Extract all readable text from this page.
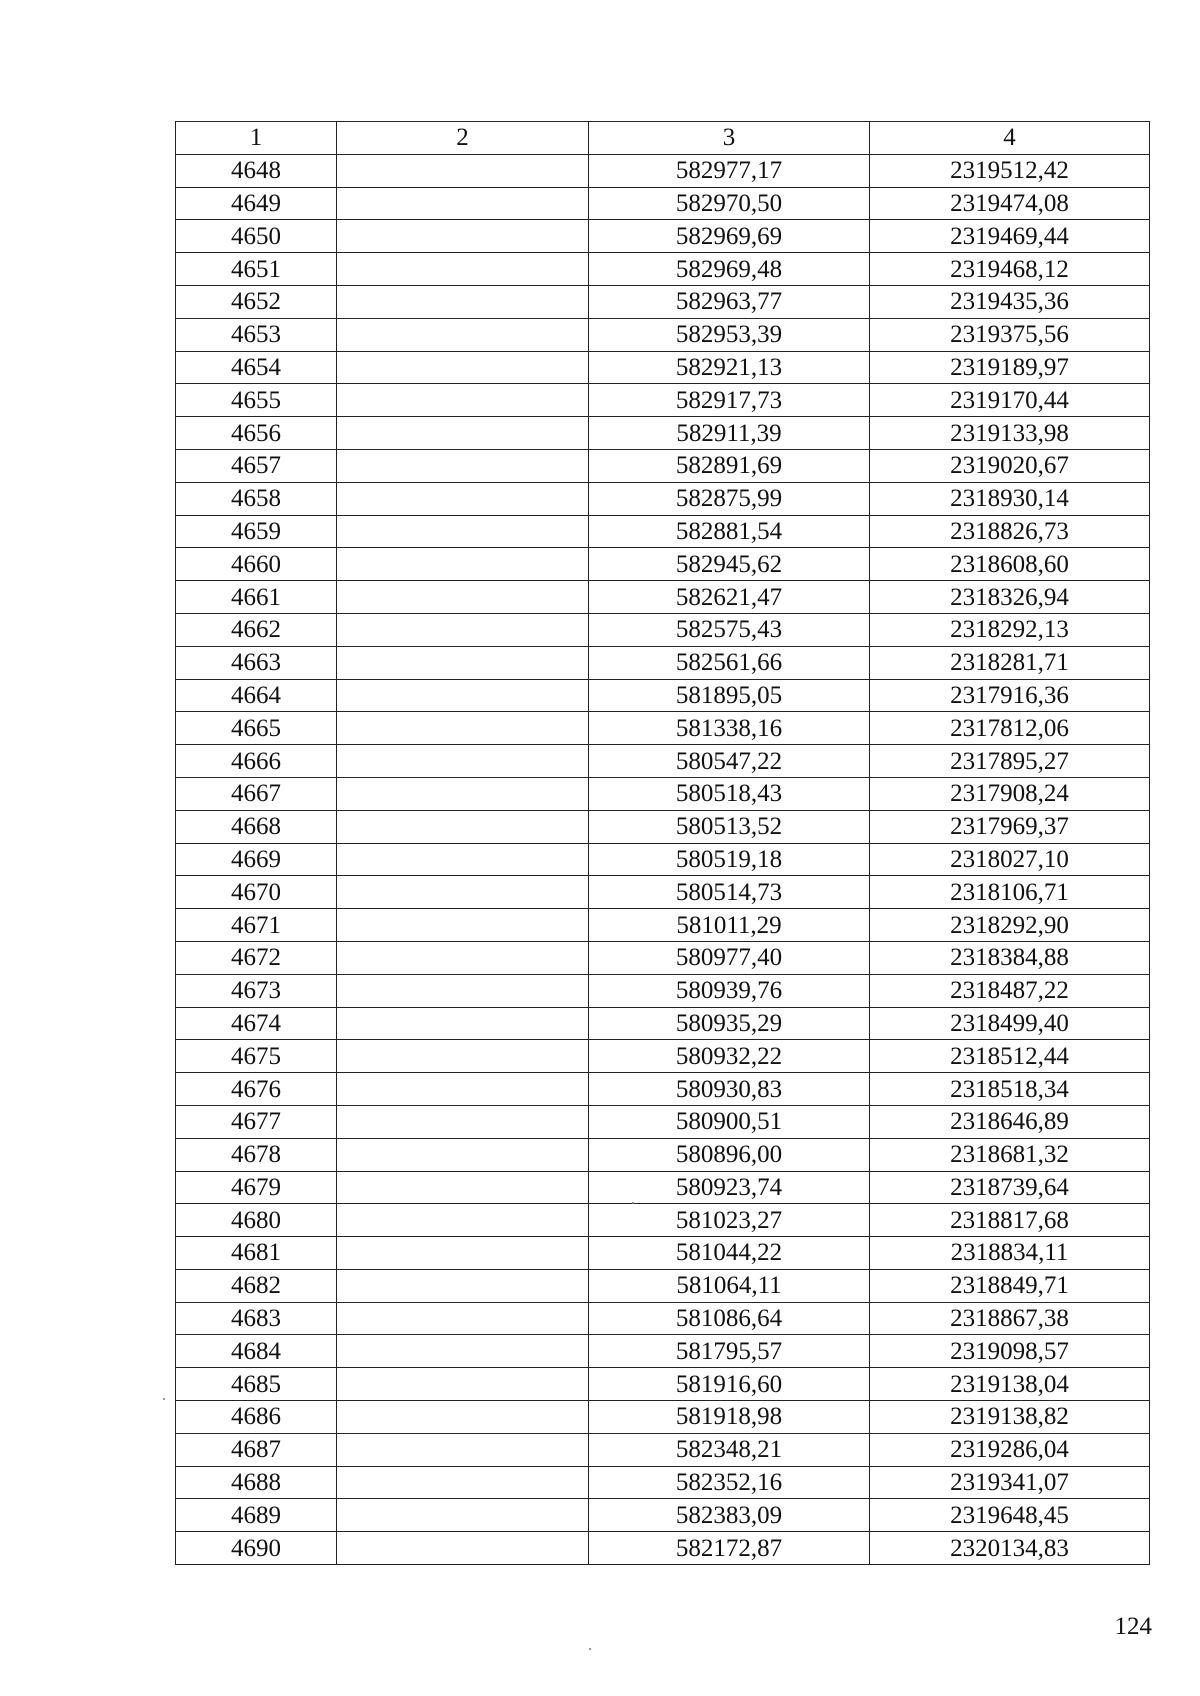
1	2	3	4
4648		582977,17	2319512,42
4649		582970,50	2319474,08
4650		582969,69	2319469,44
4651		582969,48	2319468,12
4652		582963,77	2319435,36
4653		582953,39	2319375,56
4654		582921,13	2319189,97
4655		582917,73	2319170,44
4656		582911,39	2319133,98
4657		582891,69	2319020,67
4658		582875,99	2318930,14
4659		582881,54	2318826,73
4660		582945,62	2318608,60
4661		582621,47	2318326,94
4662		582575,43	2318292,13
4663		582561,66	2318281,71
4664		581895,05	2317916,36
4665		581338,16	2317812,06
4666		580547,22	2317895,27
4667		580518,43	2317908,24
4668		580513,52	2317969,37
4669		580519,18	2318027,10
4670		580514,73	2318106,71
4671		581011,29	2318292,90
4672		580977,40	2318384,88
4673		580939,76	2318487,22
4674		580935,29	2318499,40
4675		580932,22	2318512,44
4676		580930,83	2318518,34
4677		580900,51	2318646,89
4678		580896,00	2318681,32
4679		580923,74	2318739,64
4680		581023,27	2318817,68
4681		581044,22	2318834,11
4682		581064,11	2318849,71
4683		581086,64	2318867,38
4684		581795,57	2319098,57
4685		581916,60	2319138,04
4686		581918,98	2319138,82
4687		582348,21	2319286,04
4688		582352,16	2319341,07
4689		582383,09	2319648,45
4690		582172,87	2320134,83
124
